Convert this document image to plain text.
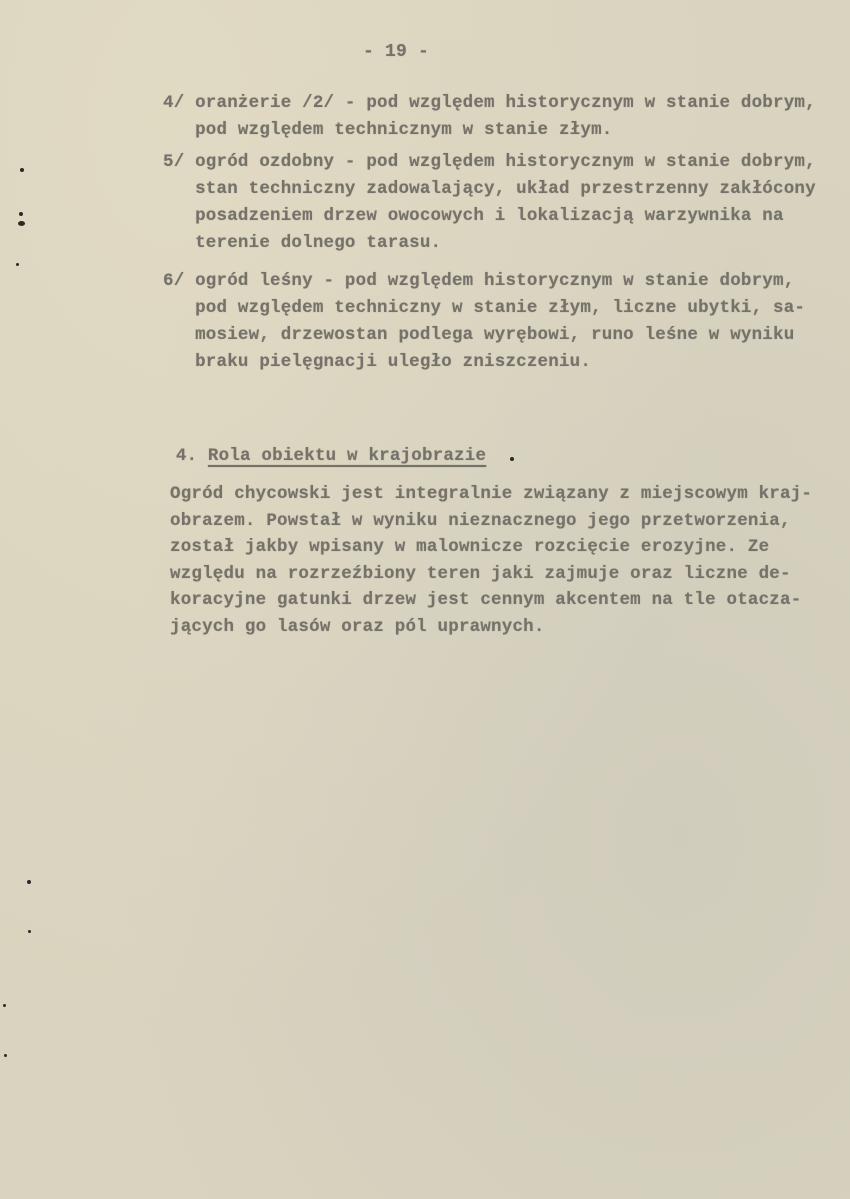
- 19 -
4/ oranżerie /2/ - pod względem historycznym w stanie dobrym,
pod względem technicznym w stanie złym.
5/ ogród ozdobny - pod względem historycznym w stanie dobrym,
stan techniczny zadowalający, układ przestrzenny zakłócony
posadzeniem drzew owocowych i lokalizacją warzywnika na
terenie dolnego tarasu.
6/ ogród leśny - pod względem historycznym w stanie dobrym,
pod względem techniczny w stanie złym, liczne ubytki, sa-
mosiew, drzewostan podlega wyrębowi, runo leśne w wyniku
braku pielęgnacji uległo zniszczeniu.

4. Rola obiektu w krajobrazie

Ogród chycowski jest integralnie związany z miejscowym kraj-
obrazem. Powstał w wyniku nieznacznego jego przetworzenia,
został jakby wpisany w malownicze rozcięcie erozyjne. Ze
względu na rozrzeźbiony teren jaki zajmuje oraz liczne de-
koracyjne gatunki drzew jest cennym akcentem na tle otacza-
jących go lasów oraz pól uprawnych.
